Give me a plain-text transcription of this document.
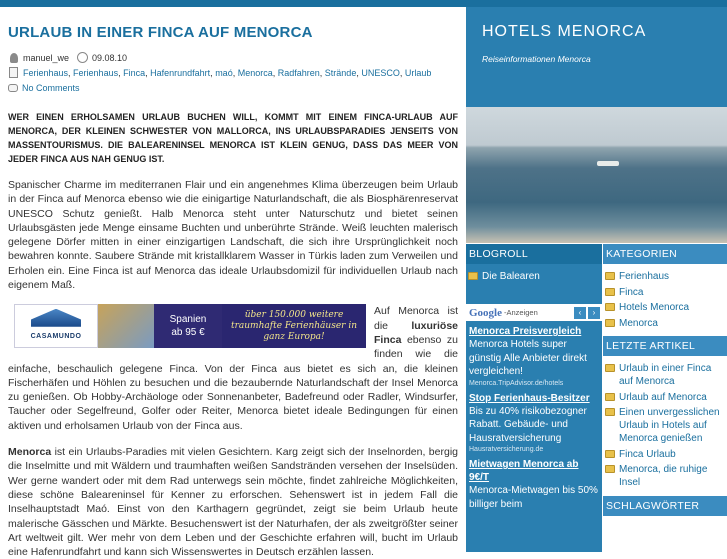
URLAUB IN EINER FINCA AUF MENORCA
manuel_we	09.08.10
Ferienhaus , Ferienhaus , Finca , Hafenrundfahrt , maó , Menorca , Radfahren , Strände , UNESCO , Urlaub
No Comments

WER EINEN ERHOLSAMEN URLAUB BUCHEN WILL, KOMMT MIT EINEM FINCA-URLAUB AUF MENORCA, DER KLEINEN SCHWESTER VON MALLORCA, INS URLAUBSPARADIES JENSEITS VON MASSENTOURISMUS. DIE BALEARENINSEL MENORCA IST KLEIN GENUG, DASS DAS MEER VON JEDER FINCA AUS NAH GENUG IST.

Spanischer Charme im mediterranen Flair und ein angenehmes Klima überzeugen beim Urlaub in der Finca auf Menorca ebenso wie die einigartige Naturlandschaft, die als Biosphärenreservat UNESCO Schutz genießt. Halb Menorca steht unter Naturschutz und bietet seinen Urlaubsgästen jede Menge einsame Buchten und unberührte Strände. Weiß leuchten malerisch gelegene Dörfer mitten in einer einzigartigen Landschaft, die sich ihre Ursprünglichkeit noch bewahren konnte. Saubere Strände mit kristallklarem Wasser in Türkis laden zum Verweilen und Erholen ein. Eine Finca ist auf Menorca das ideale Urlaubsdomizil für individuellen Urlaub nach eigenem Maß.

CASAMUNDO
Spanien
ab 95 €
über 150.000 weitere traumhafte Ferienhäuser in ganz Europa!
Auf Menorca ist die luxuriöse Finca ebenso zu finden wie die einfache, beschaulich gelegene Finca. Von der Finca aus bietet es sich an, die kleinen Fischerhäfen und Höhlen zu besuchen und die bezaubernde Naturlandschaft der Insel Menorca zu genießen. Ob Hobby-Archäologe oder Sonnenanbeter, Badefreund oder Radler, Windsurfer, Taucher oder Segelfreund, Golfer oder Reiter, Menorca bietet ideale Bedingungen für einen aktiven und erholsamen Urlaub von der Finca aus.

Menorca ist ein Urlaubs-Paradies mit vielen Gesichtern. Karg zeigt sich der Inselnorden, bergig die Inselmitte und mit Wäldern und traumhaften weißen Sandstränden versehen der Inselsüden. Wer gerne wandert oder mit dem Rad unterwegs sein möchte, findet zahlreiche Möglichkeiten, diese schöne Baleareninsel für Kenner zu erforschen. Sehenswert ist in jedem Fall die Inselhauptstadt Maó. Einst von den Karthagern gegründet, zeigt sie beim Urlaub heute malerische Gässchen und Märkte. Besuchenswert ist der Naturhafen, der als zweitgrößter seiner Art weltweit gilt. Wer mehr von dem Leben und der Geschichte erfahren will, bucht im Urlaub eine Hafenrundfahrt und kann sich Wissenswertes in Deutsch erzählen lassen.

HOTELS MENORCA
Reiseinformationen Menorca
BLOGROLL
Die Balearen
Google -Anzeigen	‹	›
Menorca Preisvergleich
Menorca Hotels super günstig Alle Anbieter direkt vergleichen!
Menorca.TripAdvisor.de/hotels
Stop Ferienhaus-Besitzer
Bis zu 40% risikobezogner Rabatt. Gebäude- und Hausratversicherung
Hausratversicherung.de
Mietwagen Menorca ab 9€/T
Menorca-Mietwagen bis 50% billiger beim
KATEGORIEN
Ferienhaus
Finca
Hotels Menorca
Menorca
LETZTE ARTIKEL
Urlaub in einer Finca auf Menorca
Urlaub auf Menorca
Einen unvergesslichen Urlaub in Hotels auf Menorca genießen
Finca Urlaub
Menorca, die ruhige Insel
SCHLAGWÖRTER
